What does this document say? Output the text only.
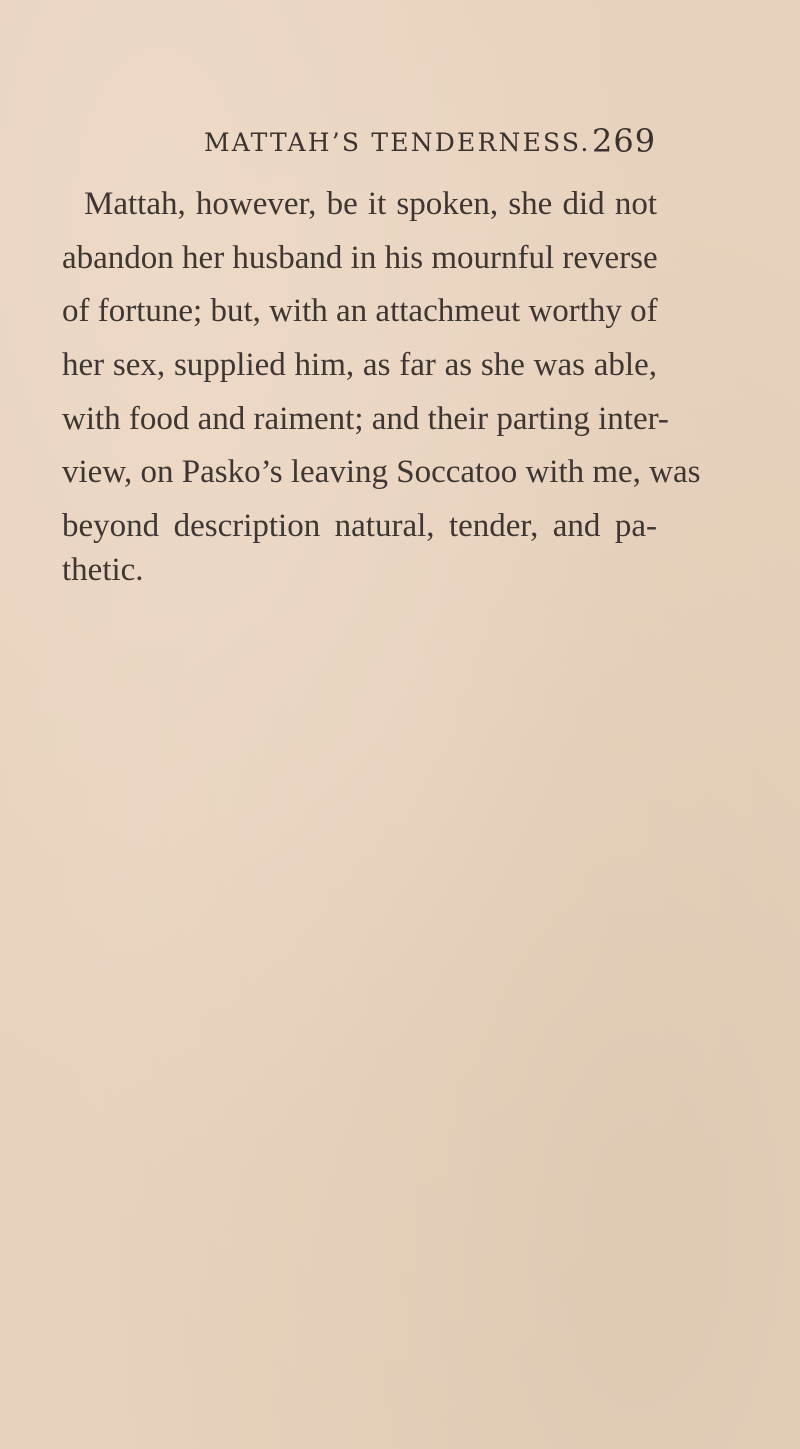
MATTAH’S TENDERNESS. 269
Mattah, however, be it spoken, she did not
abandon her husband in his mournful reverse
of fortune; but, with an attachmeut worthy of
her sex, supplied him, as far as she was able,
with food and raiment; and their parting inter-
view, on Pasko’s leaving Soccatoo with me, was
beyond description natural, tender, and pa-
thetic.
